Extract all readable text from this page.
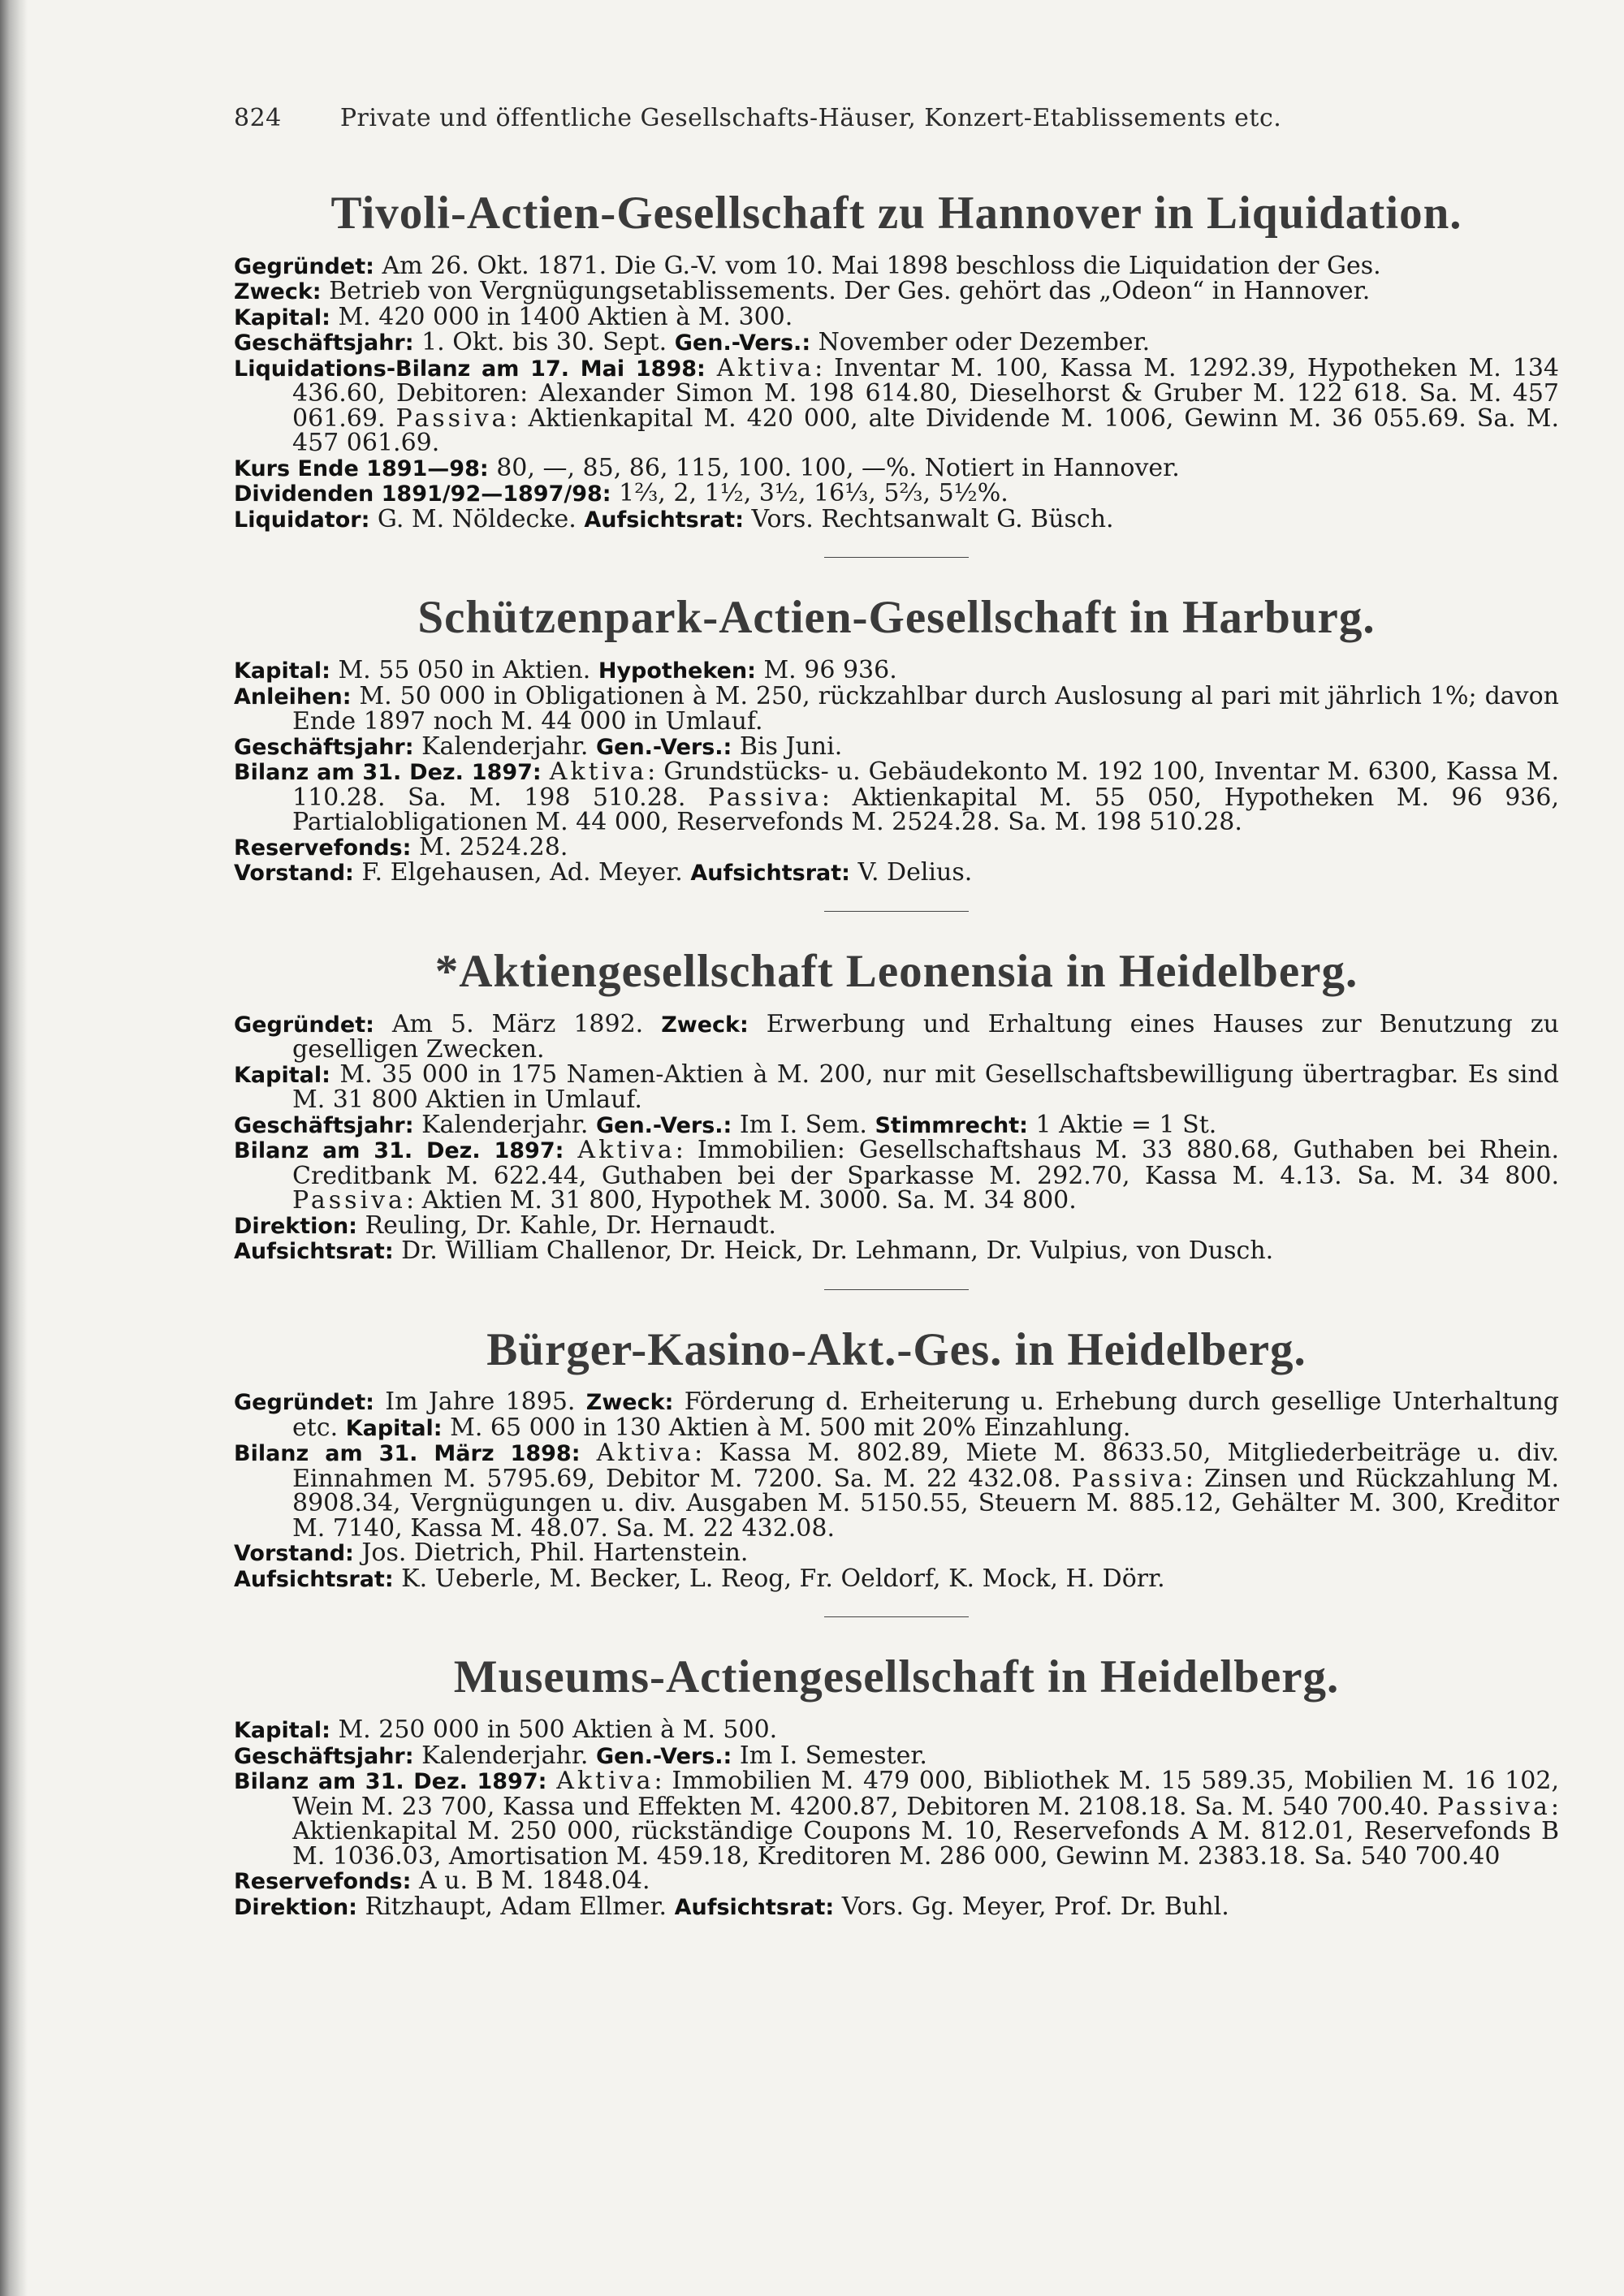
824 Private und öffentliche Gesellschafts-Häuser, Konzert-Etablissements etc.
Tivoli-Actien-Gesellschaft zu Hannover in Liquidation.

Gegründet: Am 26. Okt. 1871. Die G.-V. vom 10. Mai 1898 beschloss die Liquidation der Ges.

Zweck: Betrieb von Vergnügungsetablissements. Der Ges. gehört das „Odeon“ in Hannover.

Kapital: M. 420 000 in 1400 Aktien à M. 300.

Geschäftsjahr: 1. Okt. bis 30. Sept. Gen.-Vers.: November oder Dezember.

Liquidations-Bilanz am 17. Mai 1898: Aktiva: Inventar M. 100, Kassa M. 1292.39, Hypotheken M. 134 436.60, Debitoren: Alexander Simon M. 198 614.80, Dieselhorst & Gruber M. 122 618. Sa. M. 457 061.69. Passiva: Aktienkapital M. 420 000, alte Dividende M. 1006, Gewinn M. 36 055.69. Sa. M. 457 061.69.

Kurs Ende 1891—98: 80, —, 85, 86, 115, 100. 100, —%. Notiert in Hannover.

Dividenden 1891/92—1897/98: 1⅔, 2, 1½, 3½, 16⅓, 5⅔, 5½%.

Liquidator: G. M. Nöldecke. Aufsichtsrat: Vors. Rechtsanwalt G. Büsch.

Schützenpark-Actien-Gesellschaft in Harburg.

Kapital: M. 55 050 in Aktien. Hypotheken: M. 96 936.

Anleihen: M. 50 000 in Obligationen à M. 250, rückzahlbar durch Auslosung al pari mit jährlich 1%; davon Ende 1897 noch M. 44 000 in Umlauf.

Geschäftsjahr: Kalenderjahr. Gen.-Vers.: Bis Juni.

Bilanz am 31. Dez. 1897: Aktiva: Grundstücks- u. Gebäudekonto M. 192 100, Inventar M. 6300, Kassa M. 110.28. Sa. M. 198 510.28. Passiva: Aktienkapital M. 55 050, Hypotheken M. 96 936, Partialobligationen M. 44 000, Reservefonds M. 2524.28. Sa. M. 198 510.28.

Reservefonds: M. 2524.28.

Vorstand: F. Elgehausen, Ad. Meyer. Aufsichtsrat: V. Delius.

*Aktiengesellschaft Leonensia in Heidelberg.

Gegründet: Am 5. März 1892. Zweck: Erwerbung und Erhaltung eines Hauses zur Benutzung zu geselligen Zwecken.

Kapital: M. 35 000 in 175 Namen-Aktien à M. 200, nur mit Gesellschaftsbewilligung übertragbar. Es sind M. 31 800 Aktien in Umlauf.

Geschäftsjahr: Kalenderjahr. Gen.-Vers.: Im I. Sem. Stimmrecht: 1 Aktie = 1 St.

Bilanz am 31. Dez. 1897: Aktiva: Immobilien: Gesellschaftshaus M. 33 880.68, Guthaben bei Rhein. Creditbank M. 622.44, Guthaben bei der Sparkasse M. 292.70, Kassa M. 4.13. Sa. M. 34 800. Passiva: Aktien M. 31 800, Hypothek M. 3000. Sa. M. 34 800.

Direktion: Reuling, Dr. Kahle, Dr. Hernaudt.

Aufsichtsrat: Dr. William Challenor, Dr. Heick, Dr. Lehmann, Dr. Vulpius, von Dusch.

Bürger-Kasino-Akt.-Ges. in Heidelberg.

Gegründet: Im Jahre 1895. Zweck: Förderung d. Erheiterung u. Erhebung durch gesellige Unterhaltung etc. Kapital: M. 65 000 in 130 Aktien à M. 500 mit 20% Einzahlung.

Bilanz am 31. März 1898: Aktiva: Kassa M. 802.89, Miete M. 8633.50, Mitgliederbeiträge u. div. Einnahmen M. 5795.69, Debitor M. 7200. Sa. M. 22 432.08. Passiva: Zinsen und Rückzahlung M. 8908.34, Vergnügungen u. div. Ausgaben M. 5150.55, Steuern M. 885.12, Gehälter M. 300, Kreditor M. 7140, Kassa M. 48.07. Sa. M. 22 432.08.

Vorstand: Jos. Dietrich, Phil. Hartenstein.

Aufsichtsrat: K. Ueberle, M. Becker, L. Reog, Fr. Oeldorf, K. Mock, H. Dörr.

Museums-Actiengesellschaft in Heidelberg.

Kapital: M. 250 000 in 500 Aktien à M. 500.

Geschäftsjahr: Kalenderjahr. Gen.-Vers.: Im I. Semester.

Bilanz am 31. Dez. 1897: Aktiva: Immobilien M. 479 000, Bibliothek M. 15 589.35, Mobilien M. 16 102, Wein M. 23 700, Kassa und Effekten M. 4200.87, Debitoren M. 2108.18. Sa. M. 540 700.40. Passiva: Aktienkapital M. 250 000, rückständige Coupons M. 10, Reservefonds A M. 812.01, Reservefonds B M. 1036.03, Amortisation M. 459.18, Kreditoren M. 286 000, Gewinn M. 2383.18. Sa. 540 700.40

Reservefonds: A u. B M. 1848.04.

Direktion: Ritzhaupt, Adam Ellmer. Aufsichtsrat: Vors. Gg. Meyer, Prof. Dr. Buhl.
